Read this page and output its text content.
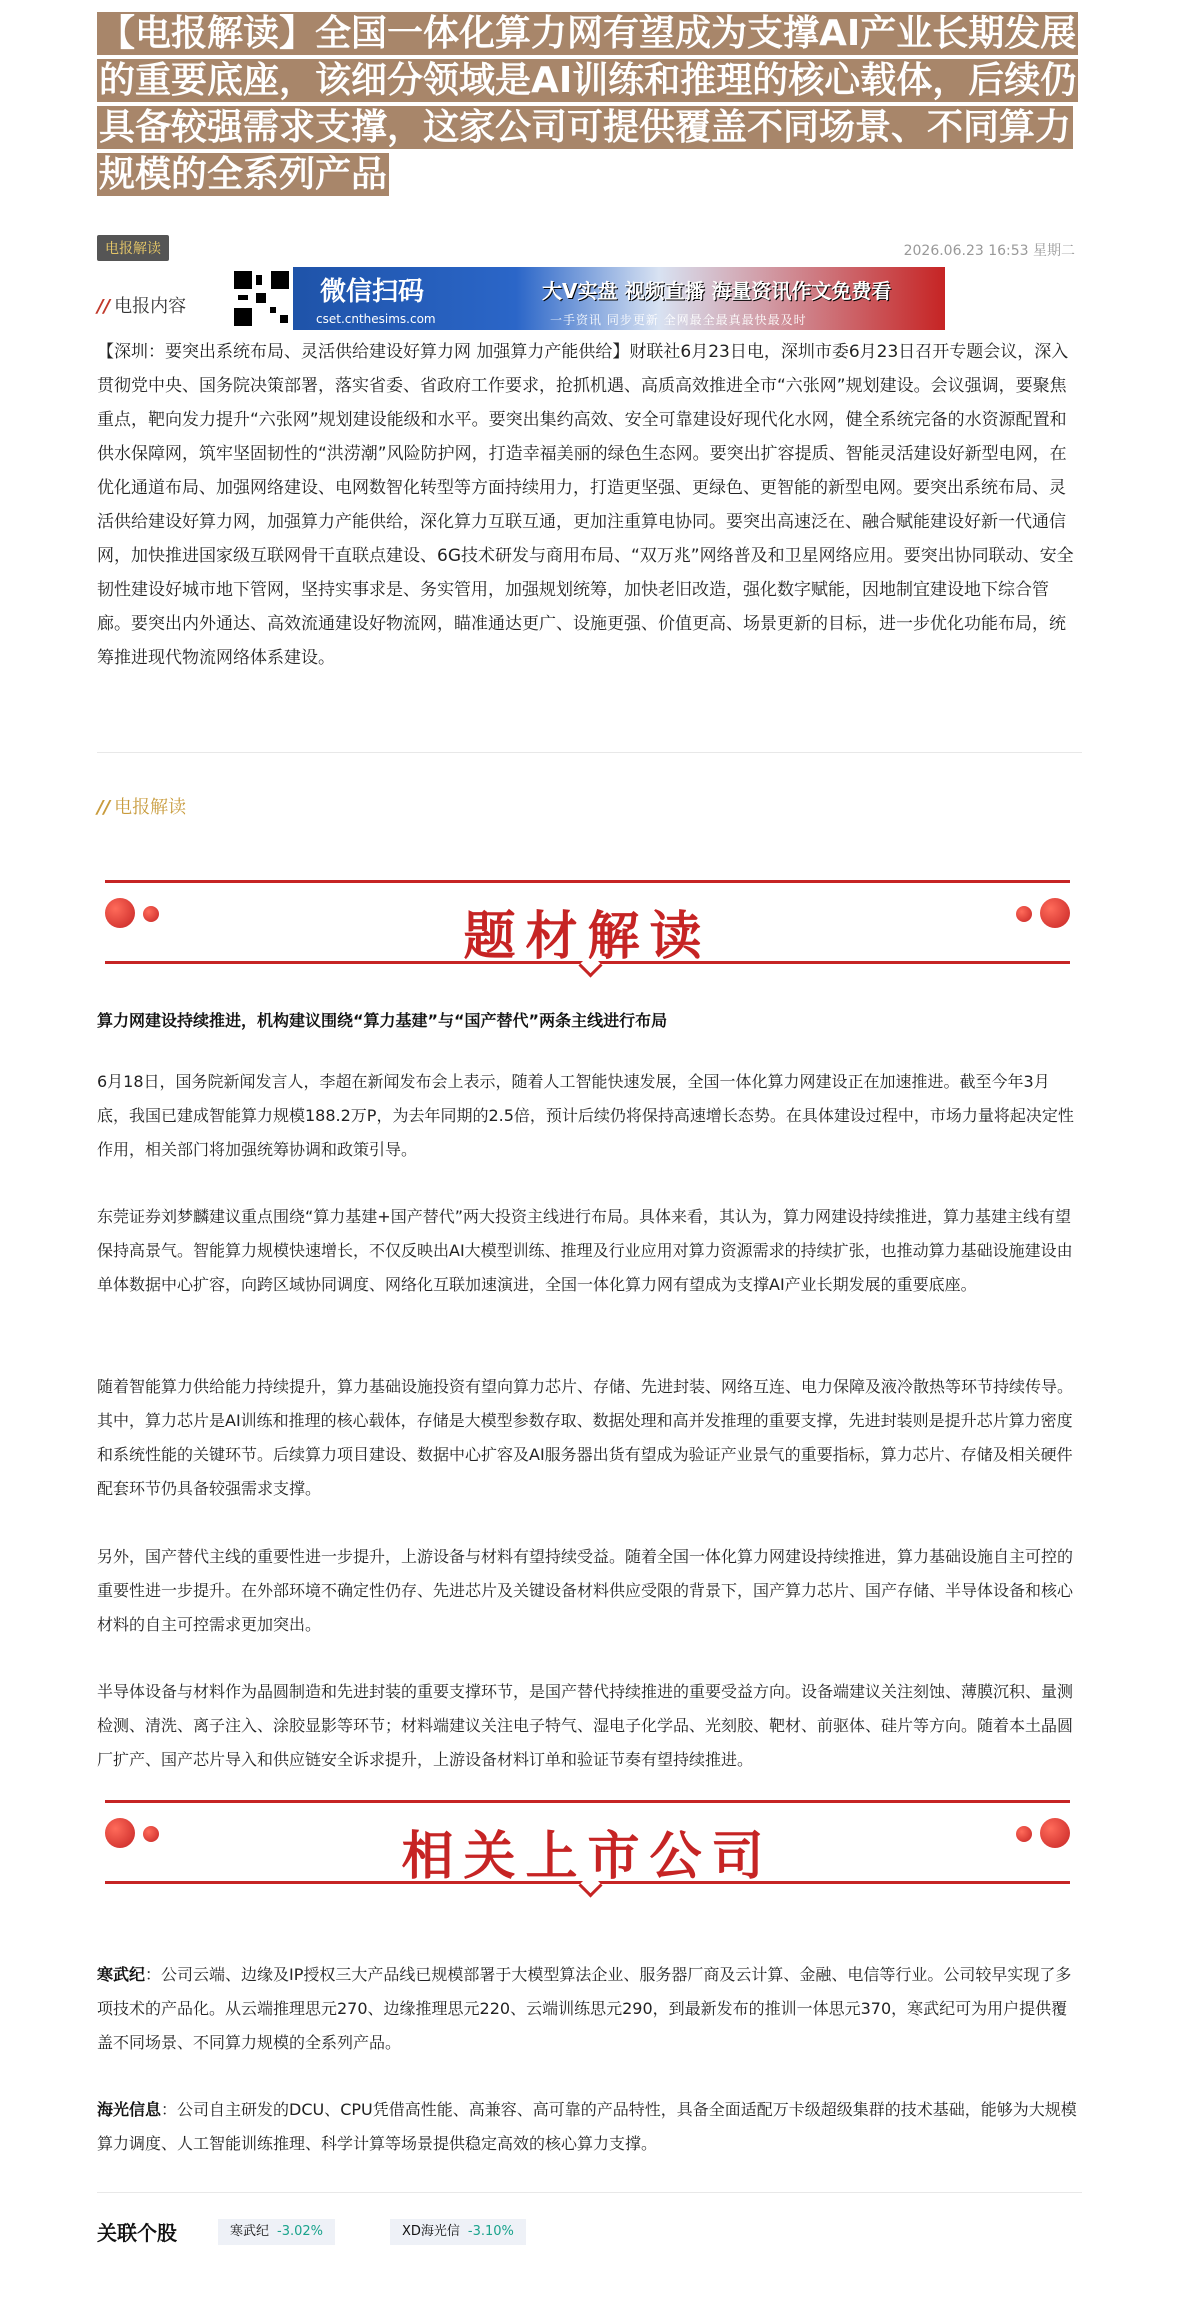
【电报解读】全国一体化算力网有望成为支撑AI产业长期发展的重要底座，该细分领域是AI训练和推理的核心载体，后续仍具备较强需求支撑，这家公司可提供覆盖不同场景、不同算力规模的全系列产品
电报解读	2026.06.23 16:53 星期二
// 电报内容	微信扫码
cset.cnthesims.com
大V实盘 视频直播 海量资讯作文免费看
一手资讯 同步更新 全网最全最真最快最及时

【深圳：要突出系统布局、灵活供给建设好算力网 加强算力产能供给】财联社6月23日电，深圳市委6月23日召开专题会议，深入贯彻党中央、国务院决策部署，落实省委、省政府工作要求，抢抓机遇、高质高效推进全市“六张网”规划建设。会议强调，要聚焦重点，靶向发力提升“六张网”规划建设能级和水平。要突出集约高效、安全可靠建设好现代化水网，健全系统完备的水资源配置和供水保障网，筑牢坚固韧性的“洪涝潮”风险防护网，打造幸福美丽的绿色生态网。要突出扩容提质、智能灵活建设好新型电网，在优化通道布局、加强网络建设、电网数智化转型等方面持续用力，打造更坚强、更绿色、更智能的新型电网。要突出系统布局、灵活供给建设好算力网，加强算力产能供给，深化算力互联互通，更加注重算电协同。要突出高速泛在、融合赋能建设好新一代通信网，加快推进国家级互联网骨干直联点建设、6G技术研发与商用布局、“双万兆”网络普及和卫星网络应用。要突出协同联动、安全韧性建设好城市地下管网，坚持实事求是、务实管用，加强规划统筹，加快老旧改造，强化数字赋能，因地制宜建设地下综合管廊。要突出内外通达、高效流通建设好物流网，瞄准通达更广、设施更强、价值更高、场景更新的目标，进一步优化功能布局，统筹推进现代物流网络体系建设。

// 电报解读
题材解读
算力网建设持续推进，机构建议围绕“算力基建”与“国产替代”两条主线进行布局

6月18日，国务院新闻发言人，李超在新闻发布会上表示，随着人工智能快速发展，全国一体化算力网建设正在加速推进。截至今年3月底，我国已建成智能算力规模188.2万P，为去年同期的2.5倍，预计后续仍将保持高速增长态势。在具体建设过程中，市场力量将起决定性作用，相关部门将加强统筹协调和政策引导。

东莞证券刘梦麟建议重点围绕“算力基建+国产替代”两大投资主线进行布局。具体来看，其认为，算力网建设持续推进，算力基建主线有望保持高景气。智能算力规模快速增长，不仅反映出AI大模型训练、推理及行业应用对算力资源需求的持续扩张，也推动算力基础设施建设由单体数据中心扩容，向跨区域协同调度、网络化互联加速演进，全国一体化算力网有望成为支撑AI产业长期发展的重要底座。

随着智能算力供给能力持续提升，算力基础设施投资有望向算力芯片、存储、先进封装、网络互连、电力保障及液冷散热等环节持续传导。其中，算力芯片是AI训练和推理的核心载体，存储是大模型参数存取、数据处理和高并发推理的重要支撑，先进封装则是提升芯片算力密度和系统性能的关键环节。后续算力项目建设、数据中心扩容及AI服务器出货有望成为验证产业景气的重要指标，算力芯片、存储及相关硬件配套环节仍具备较强需求支撑。

另外，国产替代主线的重要性进一步提升，上游设备与材料有望持续受益。随着全国一体化算力网建设持续推进，算力基础设施自主可控的重要性进一步提升。在外部环境不确定性仍存、先进芯片及关键设备材料供应受限的背景下，国产算力芯片、国产存储、半导体设备和核心材料的自主可控需求更加突出。

半导体设备与材料作为晶圆制造和先进封装的重要支撑环节，是国产替代持续推进的重要受益方向。设备端建议关注刻蚀、薄膜沉积、量测检测、清洗、离子注入、涂胶显影等环节；材料端建议关注电子特气、湿电子化学品、光刻胶、靶材、前驱体、硅片等方向。随着本土晶圆厂扩产、国产芯片导入和供应链安全诉求提升，上游设备材料订单和验证节奏有望持续推进。

相关上市公司

寒武纪：公司云端、边缘及IP授权三大产品线已规模部署于大模型算法企业、服务器厂商及云计算、金融、电信等行业。公司较早实现了多项技术的产品化。从云端推理思元270、边缘推理思元220、云端训练思元290，到最新发布的推训一体思元370，寒武纪可为用户提供覆盖不同场景、不同算力规模的全系列产品。

海光信息：公司自主研发的DCU、CPU凭借高性能、高兼容、高可靠的产品特性，具备全面适配万卡级超级集群的技术基础，能够为大规模算力调度、人工智能训练推理、科学计算等场景提供稳定高效的核心算力支撑。

关联个股	寒武纪 -3.02%	XD海光信 -3.10%
